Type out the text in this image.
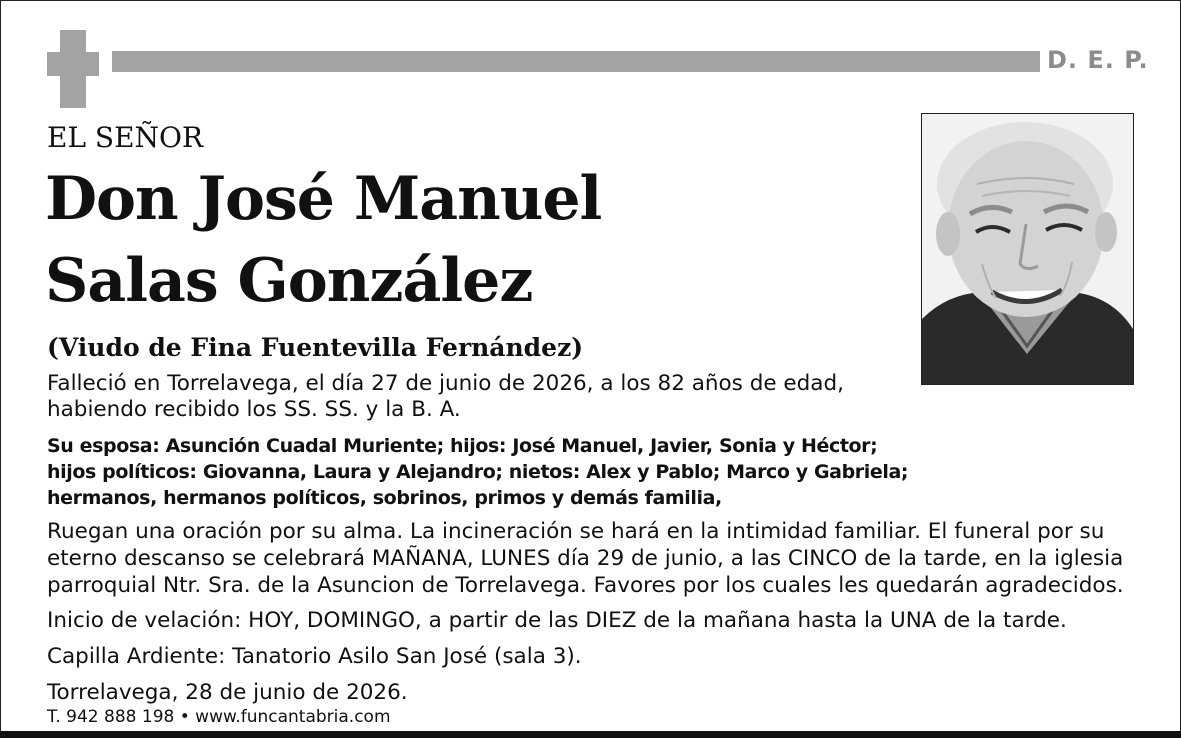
D. E. P.
EL SEÑOR
Don José Manuel
Salas González
(Viudo de Fina Fuentevilla Fernández)
Falleció en Torrelavega, el día 27 de junio de 2026, a los 82 años de edad,
habiendo recibido los SS. SS. y la B. A.
Su esposa: Asunción Cuadal Muriente; hijos: José Manuel, Javier, Sonia y Héctor;
hijos políticos: Giovanna, Laura y Alejandro; nietos: Alex y Pablo; Marco y Gabriela;
hermanos, hermanos políticos, sobrinos, primos y demás familia,
Ruegan una oración por su alma. La incineración se hará en la intimidad familiar. El funeral por su
eterno descanso se celebrará MAÑANA, LUNES día 29 de junio, a las CINCO de la tarde, en la iglesia
parroquial Ntr. Sra. de la Asuncion de Torrelavega. Favores por los cuales les quedarán agradecidos.
Inicio de velación: HOY, DOMINGO, a partir de las DIEZ de la mañana hasta la UNA de la tarde.
Capilla Ardiente: Tanatorio Asilo San José (sala 3).
Torrelavega, 28 de junio de 2026.
T. 942 888 198 • www.funcantabria.com
